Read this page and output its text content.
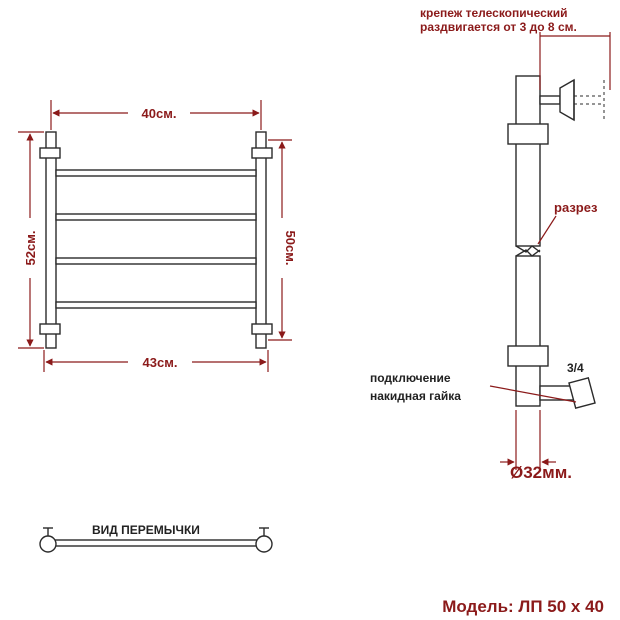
40см.
43см.
52см.	50см.
крепеж телескопический
раздвигается от 3 до 8 см.
разрез
подключение
накидная гайка
3/4
Ø32мм.
ВИД ПЕРЕМЫЧКИ
Модель: ЛП 50 х 40
